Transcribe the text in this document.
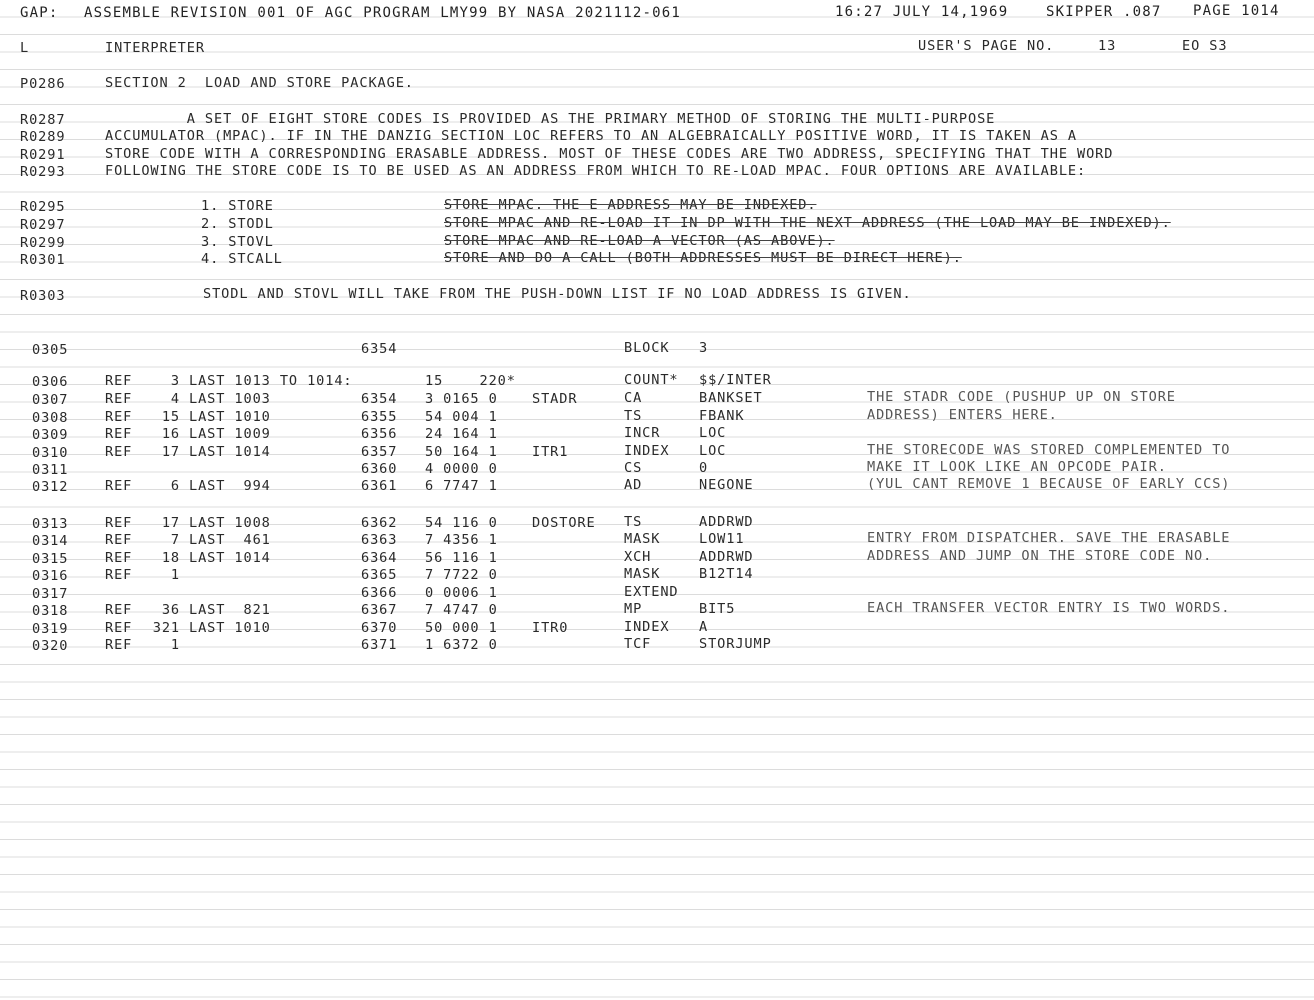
GAP: ASSEMBLE REVISION 001 OF AGC PROGRAM LMY99 BY NASA 2021112-061	16:27 JULY 14,1969	SKIPPER .087 PAGE 1014
L	INTERPRETER	USER'S PAGE NO.	13	EO S3
P0286	SECTION 2  LOAD AND STORE PACKAGE.
R0287	A SET OF EIGHT STORE CODES IS PROVIDED AS THE PRIMARY METHOD OF STORING THE MULTI-PURPOSE
R0289	ACCUMULATOR (MPAC). IF IN THE DANZIG SECTION LOC REFERS TO AN ALGEBRAICALLY POSITIVE WORD, IT IS TAKEN AS A
R0291	STORE CODE WITH A CORRESPONDING ERASABLE ADDRESS. MOST OF THESE CODES ARE TWO ADDRESS, SPECIFYING THAT THE WORD
R0293	FOLLOWING THE STORE CODE IS TO BE USED AS AN ADDRESS FROM WHICH TO RE-LOAD MPAC. FOUR OPTIONS ARE AVAILABLE:
R0295	1. STORE	STORE MPAC. THE E ADDRESS MAY BE INDEXED.
R0297	2. STODL	STORE MPAC AND RE-LOAD IT IN DP WITH THE NEXT ADDRESS (THE LOAD MAY BE INDEXED).
R0299	3. STOVL	STORE MPAC AND RE-LOAD A VECTOR (AS ABOVE).
R0301	4. STCALL	STORE AND DO A CALL (BOTH ADDRESSES MUST BE DIRECT HERE).
R0303	STODL AND STOVL WILL TAKE FROM THE PUSH-DOWN LIST IF NO LOAD ADDRESS IS GIVEN.
0305	6354	BLOCK 3
0306	REF	3 LAST 1013 TO 1014:	15    220*	COUNT* $$/INTER
0307	REF	4 LAST 1003	6354 3 0165 0	STADR	CA	BANKSET	THE STADR CODE (PUSHUP UP ON STORE
0308	REF	15 LAST 1010	6355 54 004 1	TS	FBANK	ADDRESS) ENTERS HERE.
0309	REF	16 LAST 1009	6356 24 164 1	INCR	LOC
0310	REF	17 LAST 1014	6357 50 164 1	ITR1	INDEX LOC	THE STORECODE WAS STORED COMPLEMENTED TO
0311	6360 4 0000 0	CS	0	MAKE IT LOOK LIKE AN OPCODE PAIR.
0312	REF	6 LAST  994	6361 6 7747 1	AD	NEGONE	(YUL CANT REMOVE 1 BECAUSE OF EARLY CCS)
0313	REF	17 LAST 1008	6362 54 116 0	DOSTORE TS	ADDRWD
0314	REF	7 LAST  461	6363 7 4356 1	MASK	LOW11	ENTRY FROM DISPATCHER. SAVE THE ERASABLE
0315	REF	18 LAST 1014	6364 56 116 1	XCH	ADDRWD	ADDRESS AND JUMP ON THE STORE CODE NO.
0316	REF	1	6365 7 7722 0	MASK	B12T14
0317	6366 0 0006 1	EXTEND
0318	REF	36 LAST  821	6367 7 4747 0	MP	BIT5	EACH TRANSFER VECTOR ENTRY IS TWO WORDS.
0319	REF	321 LAST 1010	6370 50 000 1	ITR0	INDEX A
0320	REF	1	6371 1 6372 0	TCF	STORJUMP
